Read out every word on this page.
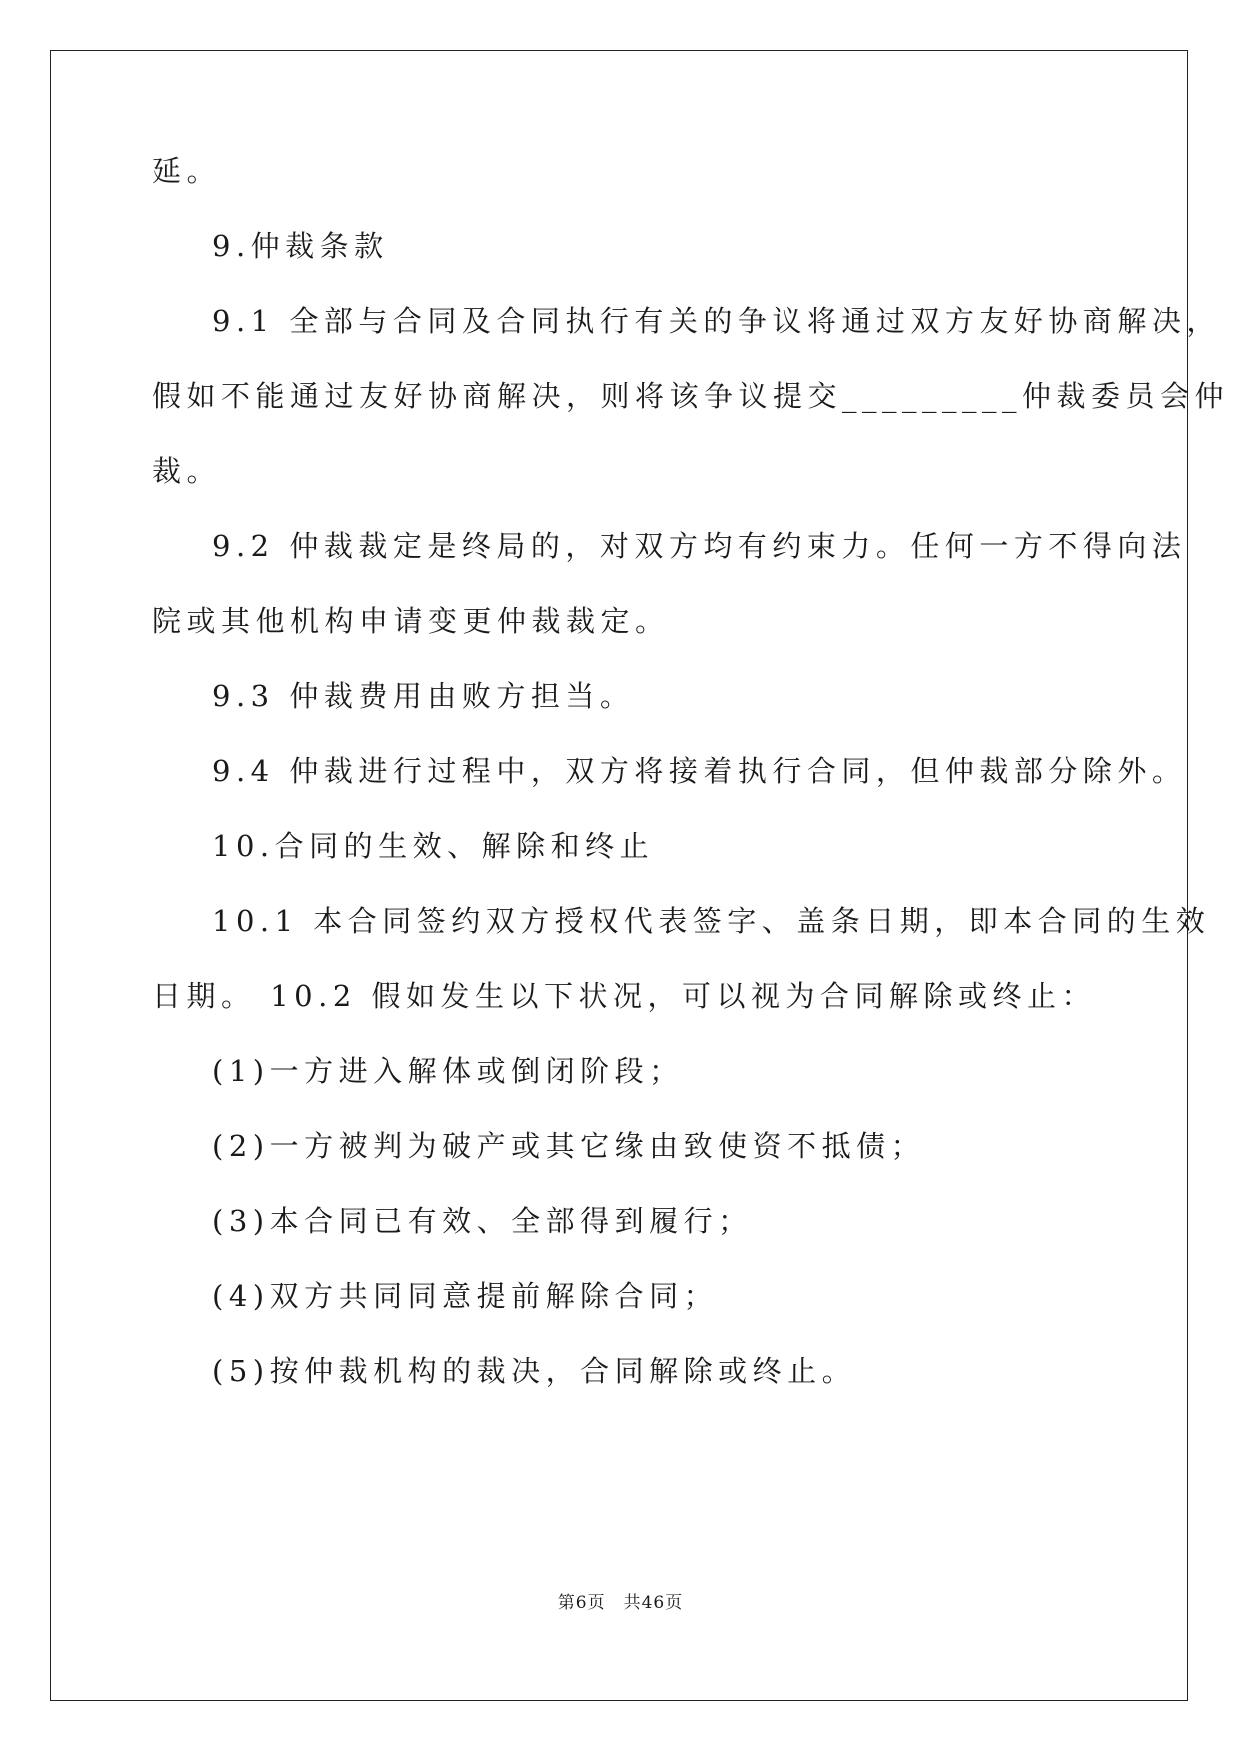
延。
9.仲裁条款
9.1 全部与合同及合同执行有关的争议将通过双方友好协商解决，
假如不能通过友好协商解决，则将该争议提交_________仲裁委员会仲
裁。
9.2 仲裁裁定是终局的，对双方均有约束力。任何一方不得向法
院或其他机构申请变更仲裁裁定。
9.3 仲裁费用由败方担当。
9.4 仲裁进行过程中，双方将接着执行合同，但仲裁部分除外。
10.合同的生效、解除和终止
10.1 本合同签约双方授权代表签字、盖条日期，即本合同的生效
日期。 10.2 假如发生以下状况，可以视为合同解除或终止：
(1)一方进入解体或倒闭阶段；
(2)一方被判为破产或其它缘由致使资不抵债；
(3)本合同已有效、全部得到履行；
(4)双方共同同意提前解除合同；
(5)按仲裁机构的裁决，合同解除或终止。
第6页　共46页
